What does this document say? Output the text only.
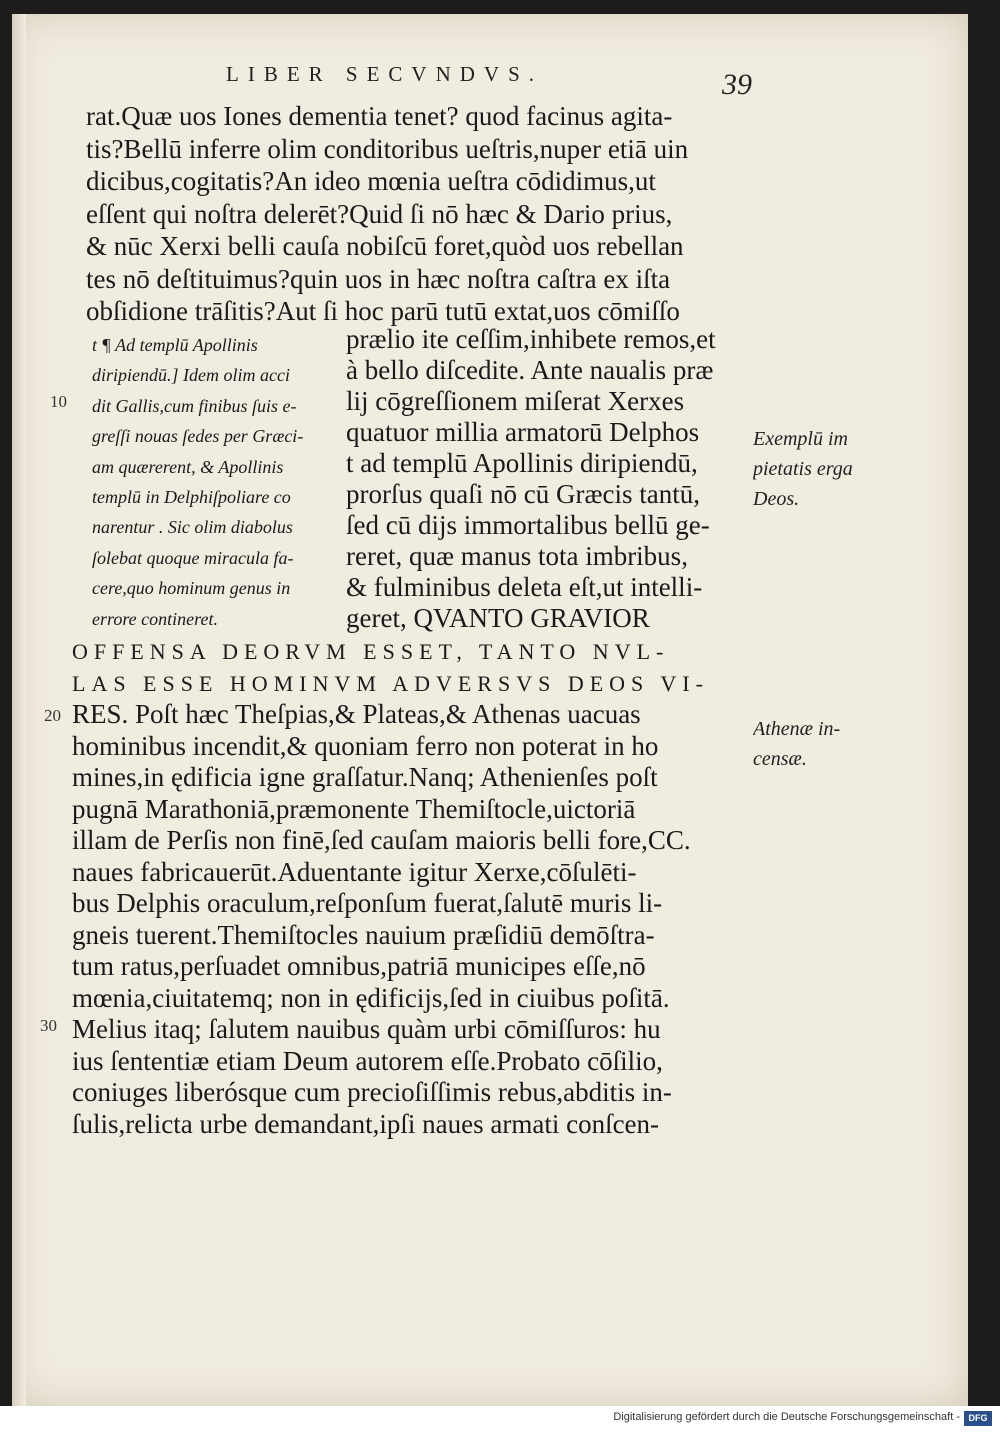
LIBER SECVNDVS.	39
rat.Quæ uos Iones dementia tenet? quod facinus agita-
tis?Bellū inferre olim conditoribus ueſtris,nuper etiā uin
dicibus,cogitatis?An ideo mœnia ueſtra cōdidimus,ut
eſſent qui noſtra delerēt?Quid ſi nō hæc & Dario prius,
& nūc Xerxi belli cauſa nobiſcū foret,quòd uos rebellan
tes nō deſtituimus?quin uos in hæc noſtra caſtra ex iſta
obſidione trāſitis?Aut ſi hoc parū tutū extat,uos cōmiſſo
t ¶ Ad templū Apollinis
diripiendū.] Idem olim acci
dit Gallis,cum finibus ſuis e-
greſſi nouas ſedes per Græci-
am quærerent, & Apollinis
templū in Delphiſpoliare co
narentur . Sic olim diabolus
ſolebat quoque miracula fa-
cere,quo hominum genus in
errore contineret.
prælio ite ceſſim,inhibete remos,et
à bello diſcedite. Ante naualis præ
lij cōgreſſionem miſerat Xerxes
quatuor millia armatorū Delphos
t ad templū Apollinis diripiendū,
prorſus quaſi nō cū Græcis tantū,
ſed cū dijs immortalibus bellū ge-
reret, quæ manus tota imbribus,
& fulminibus deleta eſt,ut intelli-
geret, QVANTO GRAVIOR
OFFENSA DEORVM ESSET, TANTO NVL-
LAS ESSE HOMINVM ADVERSVS DEOS VI-
RES. Poſt hæc Theſpias,& Plateas,& Athenas uacuas
hominibus incendit,& quoniam ferro non poterat in ho
mines,in ędificia igne graſſatur.Nanq; Athenienſes poſt
pugnā Marathoniā,præmonente Themiſtocle,uictoriā
illam de Perſis non finē,ſed cauſam maioris belli fore,CC.
naues fabricauerūt.Aduentante igitur Xerxe,cōſulēti-
bus Delphis oraculum,reſponſum fuerat,ſalutē muris li-
gneis tuerent.Themiſtocles nauium præſidiū demōſtra-
tum ratus,perſuadet omnibus,patriā municipes eſſe,nō
mœnia,ciuitatemq; non in ędificijs,ſed in ciuibus poſitā.
Melius itaq; ſalutem nauibus quàm urbi cōmiſſuros: hu
ius ſententiæ etiam Deum autorem eſſe.Probato cōſilio,
coniuges liberósque cum precioſiſſimis rebus,abditis in-
ſulis,relicta urbe demandant,ipſi naues armati conſcen-
10
20
30
Exemplū im
pietatis erga
Deos.
Athenæ in-
censæ.
Digitalisierung gefördert durch die Deutsche Forschungsgemeinschaft - DFG
